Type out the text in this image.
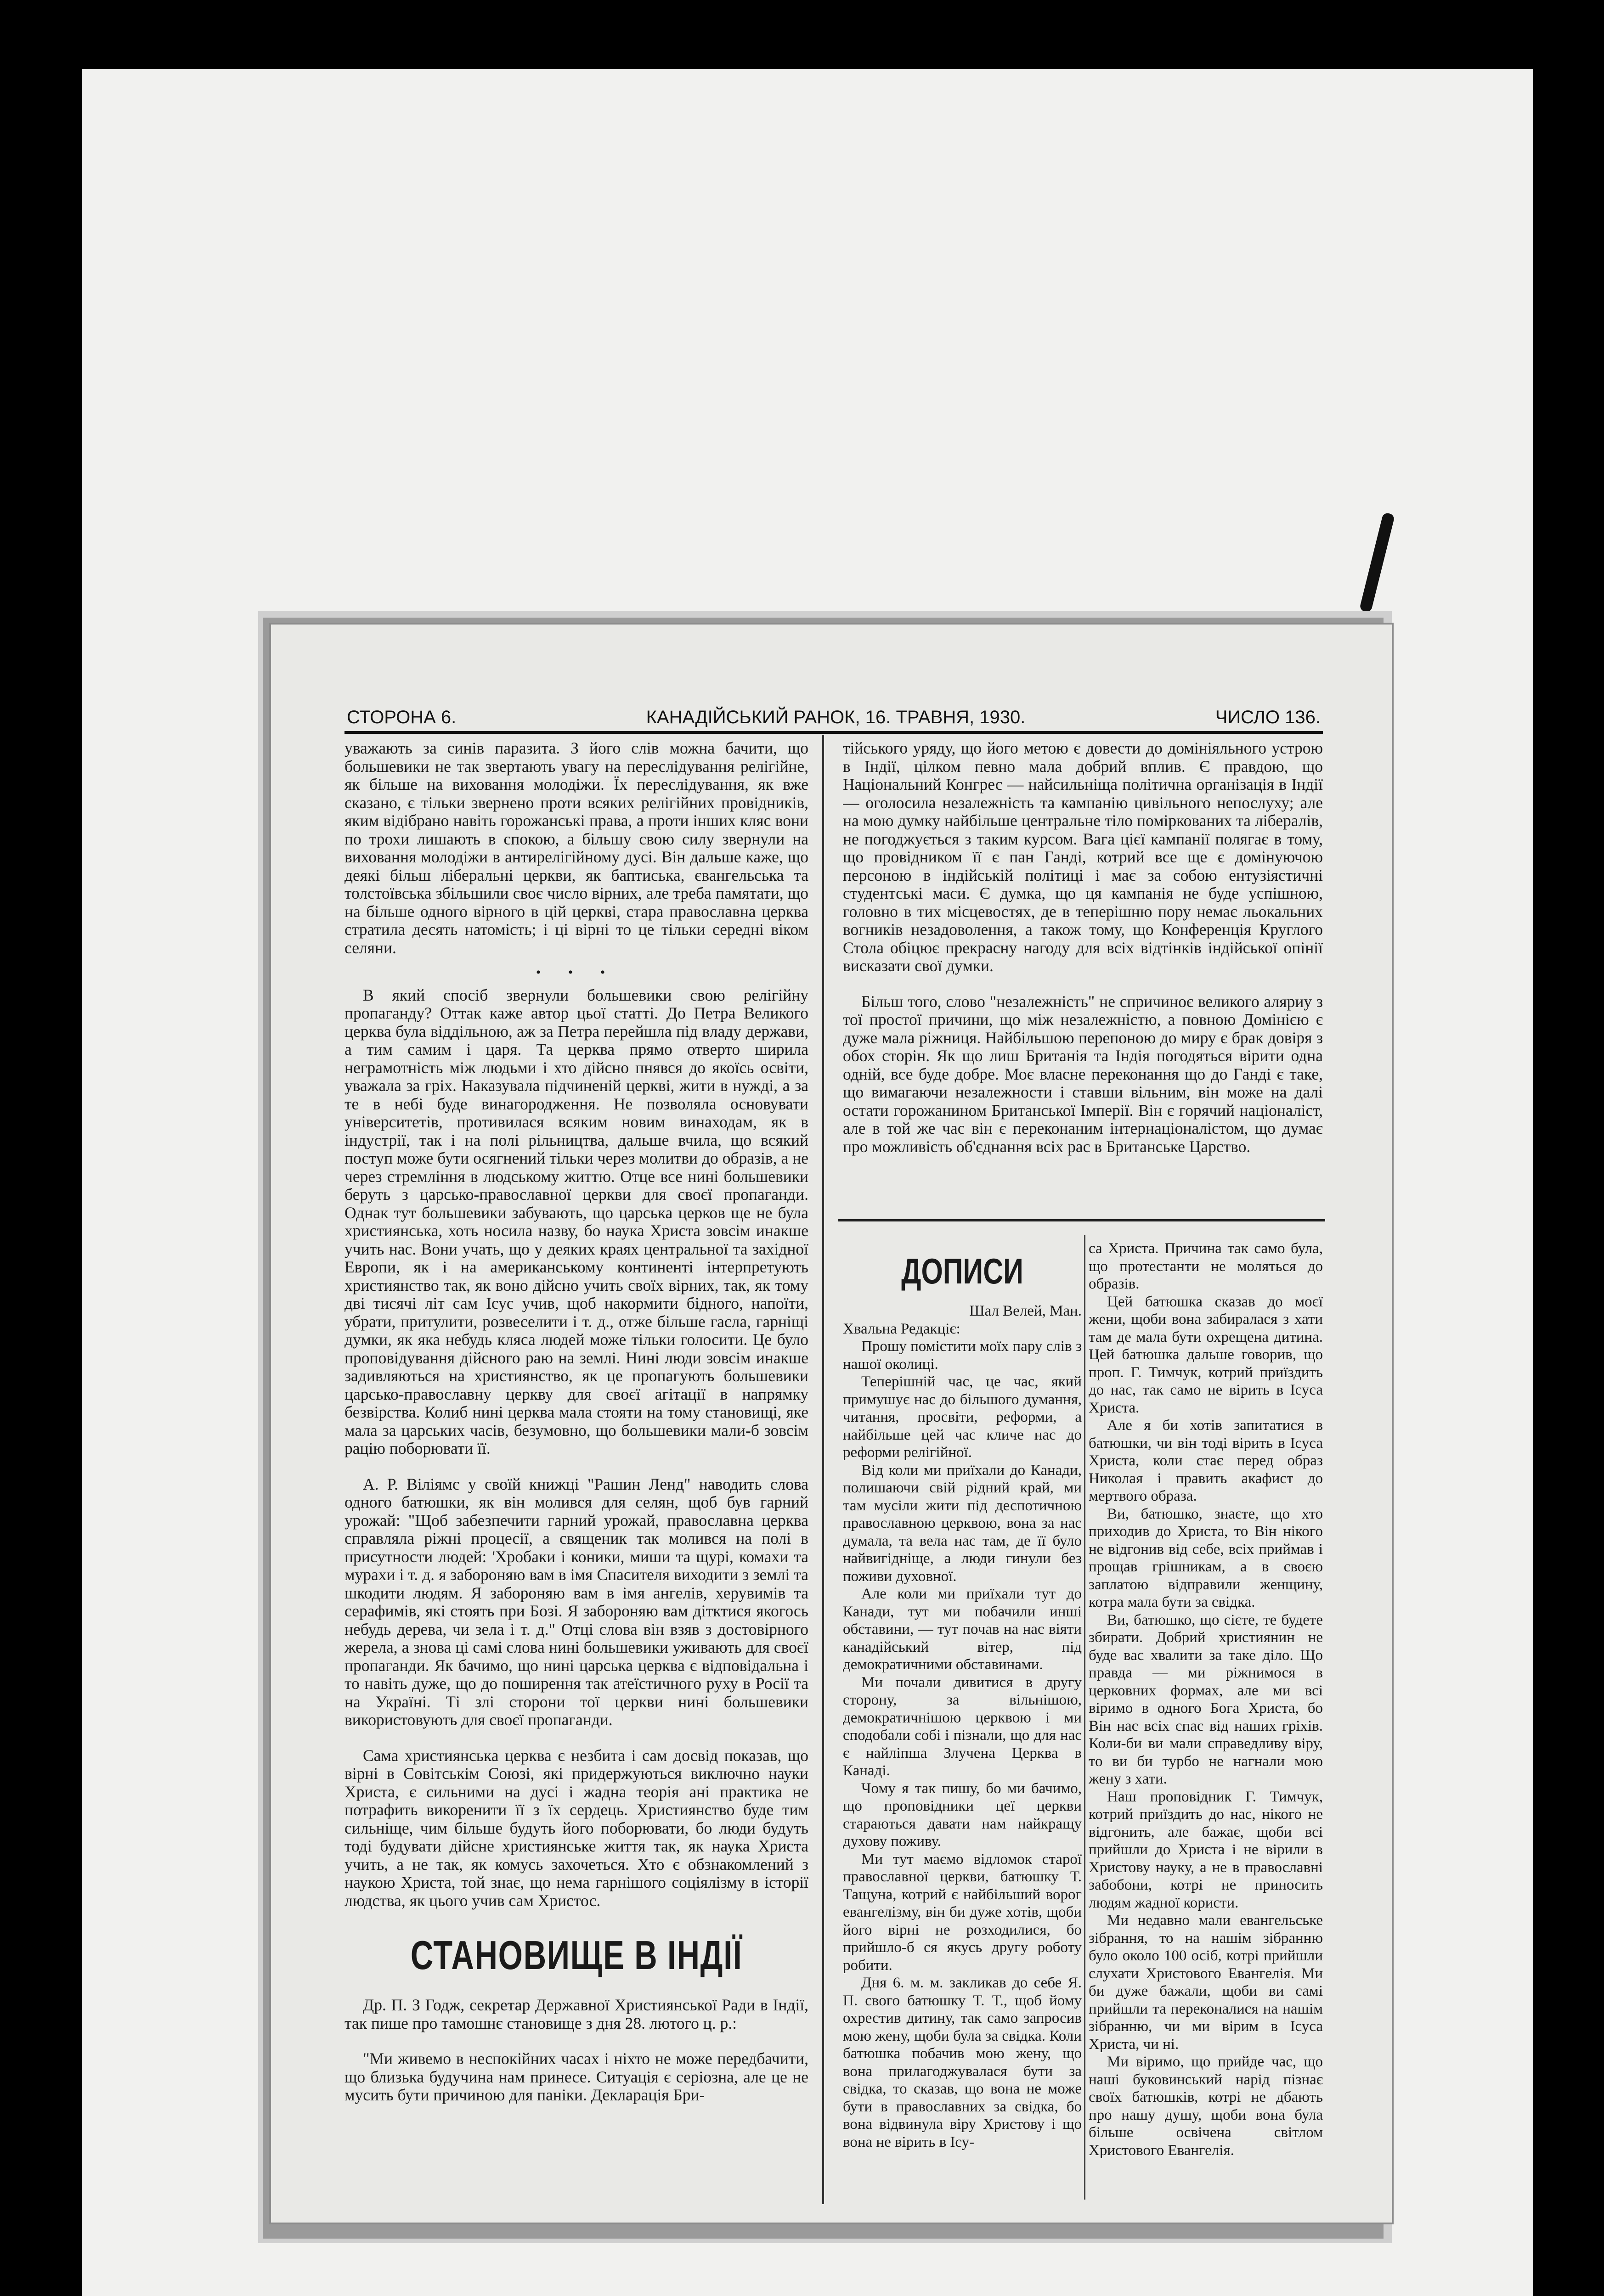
СТОРОНА 6.	КАНАДІЙСЬКИЙ РАНОК, 16. ТРАВНЯ, 1930.	ЧИСЛО 136.

уважають за синів паразита. З його слів можна бачити, що большевики не так звертають увагу на переслідування релігійне, як більше на виховання молодіжи. Їх переслідування, як вже сказано, є тільки звернено проти всяких релігійних провідників, яким відібрано навіть горожанські права, а проти інших кляс вони по трохи лишають в спокою, а більшу свою силу звернули на виховання молодіжи в антирелігійному дусі. Він дальше каже, що деякі більш ліберальні церкви, як баптиська, євангельська та толстоївська збільшили своє число вірних, але треба памятати, що на більше одного вірного в цій церкві, стара православна церква стратила десять натомість; і ці вірні то це тільки середні віком селяни.

• • •

В який спосіб звернули большевики свою релігійну пропаганду? Оттак каже автор цьої статті. До Петра Великого церква була віддільною, аж за Петра перейшла під владу держави, а тим самим і царя. Та церква прямо отверто ширила неграмотність між людьми і хто дійсно пнявся до якоїсь освіти, уважала за гріх. Наказувала підчиненій церкві, жити в нужді, а за те в небі буде винагородження. Не позволяла основувати університетів, противилася всяким новим винаходам, як в індустрії, так і на полі рільництва, дальше вчила, що всякий поступ може бути осягнений тільки через молитви до образів, а не через стремління в людському життю. Отце все нині большевики беруть з царсько-православної церкви для своєї пропаганди. Однак тут большевики забувають, що царська церков ще не була християнська, хоть носила назву, бо наука Христа зовсім инакше учить нас. Вони учать, що у деяких краях центральної та західної Европи, як і на американському континенті інтерпретують християнство так, як воно дійсно учить своїх вірних, так, як тому дві тисячі літ сам Ісус учив, щоб накормити бідного, напоїти, убрати, притулити, розвеселити і т. д., отже більше гасла, гарніщі думки, як яка небудь кляса людей може тільки голосити. Це було проповідування дійсного раю на землі. Нині люди зовсім инакше задивляються на християнство, як це пропагують большевики царсько-православну церкву для своєї агітації в напрямку безвірства. Колиб нині церква мала стояти на тому становищі, яке мала за царських часів, безумовно, що большевики мали-б зовсім рацію поборювати її.

А. Р. Віліямс у своїй книжці "Рашин Ленд" наводить слова одного батюшки, як він молився для селян, щоб був гарний урожай: "Щоб забезпечити гарний урожай, православна церква справляла ріжні процесії, а священик так молився на полі в присутности людей: 'Хробаки і коники, миши та щурі, комахи та мурахи і т. д. я забороняю вам в імя Спасителя виходити з землі та шкодити людям. Я забороняю вам в імя ангелів, херувимів та серафимів, які стоять при Бозі. Я забороняю вам дітктися якогось небудь дерева, чи зела і т. д." Отці слова він взяв з достовірного жерела, а знова ці самі слова нині большевики уживають для своєї пропаганди. Як бачимо, що нині царська церква є відповідальна і то навіть дуже, що до поширення так атеїстичного руху в Росії та на Україні. Ті злі сторони тої церкви нині большевики використовують для своєї пропаганди.

Сама християнська церква є незбита і сам досвід показав, що вірні в Совітськім Союзі, які придержуються виключно науки Христа, є сильними на дусі і жадна теорія ані практика не потрафить викоренити її з їх сердець. Християнство буде тим сильніще, чим більше будуть його поборювати, бо люди будуть тоді будувати дійсне християнське життя так, як наука Христа учить, а не так, як комусь захочеться. Хто є обзнакомлений з наукою Христа, той знає, що нема гарнішого соціялізму в історії людства, як цього учив сам Христос.

СТАНОВИЩЕ В ІНДІЇ

Др. П. З Годж, секретар Державної Християнської Ради в Індії, так пише про тамошнє становище з дня 28. лютого ц. р.:

"Ми живемо в неспокійних часах і ніхто не може передбачити, що близька будучина нам принесе. Ситуація є серіозна, але це не мусить бути причиною для паніки. Декларація Бри-

тійського уряду, що його метою є довести до домініяльного устрою в Індії, цілком певно мала добрий вплив. Є правдою, що Національний Конгрес — найсильніща політична організація в Індії — оголосила незалежність та кампанію цивільного непослуху; але на мою думку найбільше центральне тіло поміркованих та лібералів, не погоджується з таким курсом. Вага цієї кампанії полягає в тому, що провідником її є пан Ганді, котрий все ще є домінуючою персоною в індійській політиці і має за собою ентузіястичні студентські маси. Є думка, що ця кампанія не буде успішною, головно в тих місцевостях, де в теперішню пору немає льокальних вогників незадоволення, а також тому, що Конференція Круглого Стола обіцює прекрасну нагоду для всіх відтінків індійської опінії висказати свої думки.

Більш того, слово "незалежність" не спричиноє великого аляриу з тої простої причини, що між незалежністю, а повною Домінією є дуже мала ріжниця. Найбільшою перепоною до миру є брак довіря з обох сторін. Як що лиш Британія та Індія погодяться вірити одна одній, все буде добре. Моє власне переконання що до Ганді є таке, що вимагаючи незалежности і ставши вільним, він може на далі остати горожанином Британської Імперії. Він є горячий націоналіст, але в той же час він є переконаним інтернаціоналістом, що думає про можливість об'єднання всіх рас в Британське Царство.

ДОПИСИ

Шал Велей, Ман.

Хвальна Редакціє:

Прошу помістити моїх пару слів з нашої околиці.

Теперішній час, це час, який примушує нас до більшого думання, читання, просвіти, реформи, а найбільше цей час кличе нас до реформи релігійної.

Від коли ми приїхали до Канади, полишаючи свій рідний край, ми там мусіли жити під деспотичною православною церквою, вона за нас думала, та вела нас там, де її було найвигідніще, а люди гинули без поживи духовної.

Але коли ми приїхали тут до Канади, тут ми побачили инші обставини, — тут почав на нас віяти канадійський вітер, під демократичними обставинами.

Ми почали дивитися в другу сторону, за вільнішою, демократичнішою церквою і ми сподобали собі і пізнали, що для нас є найліпша Злучена Церква в Канаді.

Чому я так пишу, бо ми бачимо, що проповідники цеї церкви стараються давати нам найкращу духову поживу.

Ми тут маємо відломок старої православної церкви, батюшку Т. Тащуна, котрий є найбільший ворог евангелізму, він би дуже хотів, щоби його вірні не розходилися, бо прийшло-б ся якусь другу роботу робити.

Дня 6. м. м. закликав до себе Я. П. свого батюшку Т. Т., щоб йому охрестив дитину, так само запросив мою жену, щоби була за свідка. Коли батюшка побачив мою жену, що вона прилагоджувалася бути за свідка, то сказав, що вона не може бути в православних за свідка, бо вона відвинула віру Христову і що вона не вірить в Ісу-

са Христа. Причина так само була, що протестанти не моляться до образів.

Цей батюшка сказав до моєї жени, щоби вона забиралася з хати там де мала бути охрещена дитина. Цей батюшка дальше говорив, що проп. Г. Тимчук, котрий приїздить до нас, так само не вірить в Ісуса Христа.

Але я би хотів запитатися в батюшки, чи він тоді вірить в Ісуса Христа, коли стає перед образ Николая і править акафист до мертвого образа.

Ви, батюшко, знаєте, що хто приходив до Христа, то Він нікого не відгонив від себе, всіх приймав і прощав грішникам, а в своєю заплатою відправили женщину, котра мала бути за свідка.

Ви, батюшко, що сієте, те будете збирати. Добрий християнин не буде вас хвалити за таке діло. Що правда — ми ріжнимося в церковних формах, але ми всі віримо в одного Бога Христа, бо Він нас всіх спас від наших гріхів. Коли-би ви мали справедливу віру, то ви би турбо не нагнали мою жену з хати.

Наш проповідник Г. Тимчук, котрий приїздить до нас, нікого не відгонить, але бажає, щоби всі прийшли до Христа і не вірили в Христову науку, а не в православні забобони, котрі не приносить людям жадної користи.

Ми недавно мали евангельське зібрання, то на нашім зібранню було около 100 осіб, котрі прийшли слухати Христового Евангелія. Ми би дуже бажали, щоби ви самі прийшли та переконалися на нашім зібранню, чи ми вірим в Ісуса Христа, чи ні.

Ми віримо, що прийде час, що наші буковинський нарід пізнає своїх батюшків, котрі не дбають про нашу душу, щоби вона була більше освічена світлом Христового Евангелія.
